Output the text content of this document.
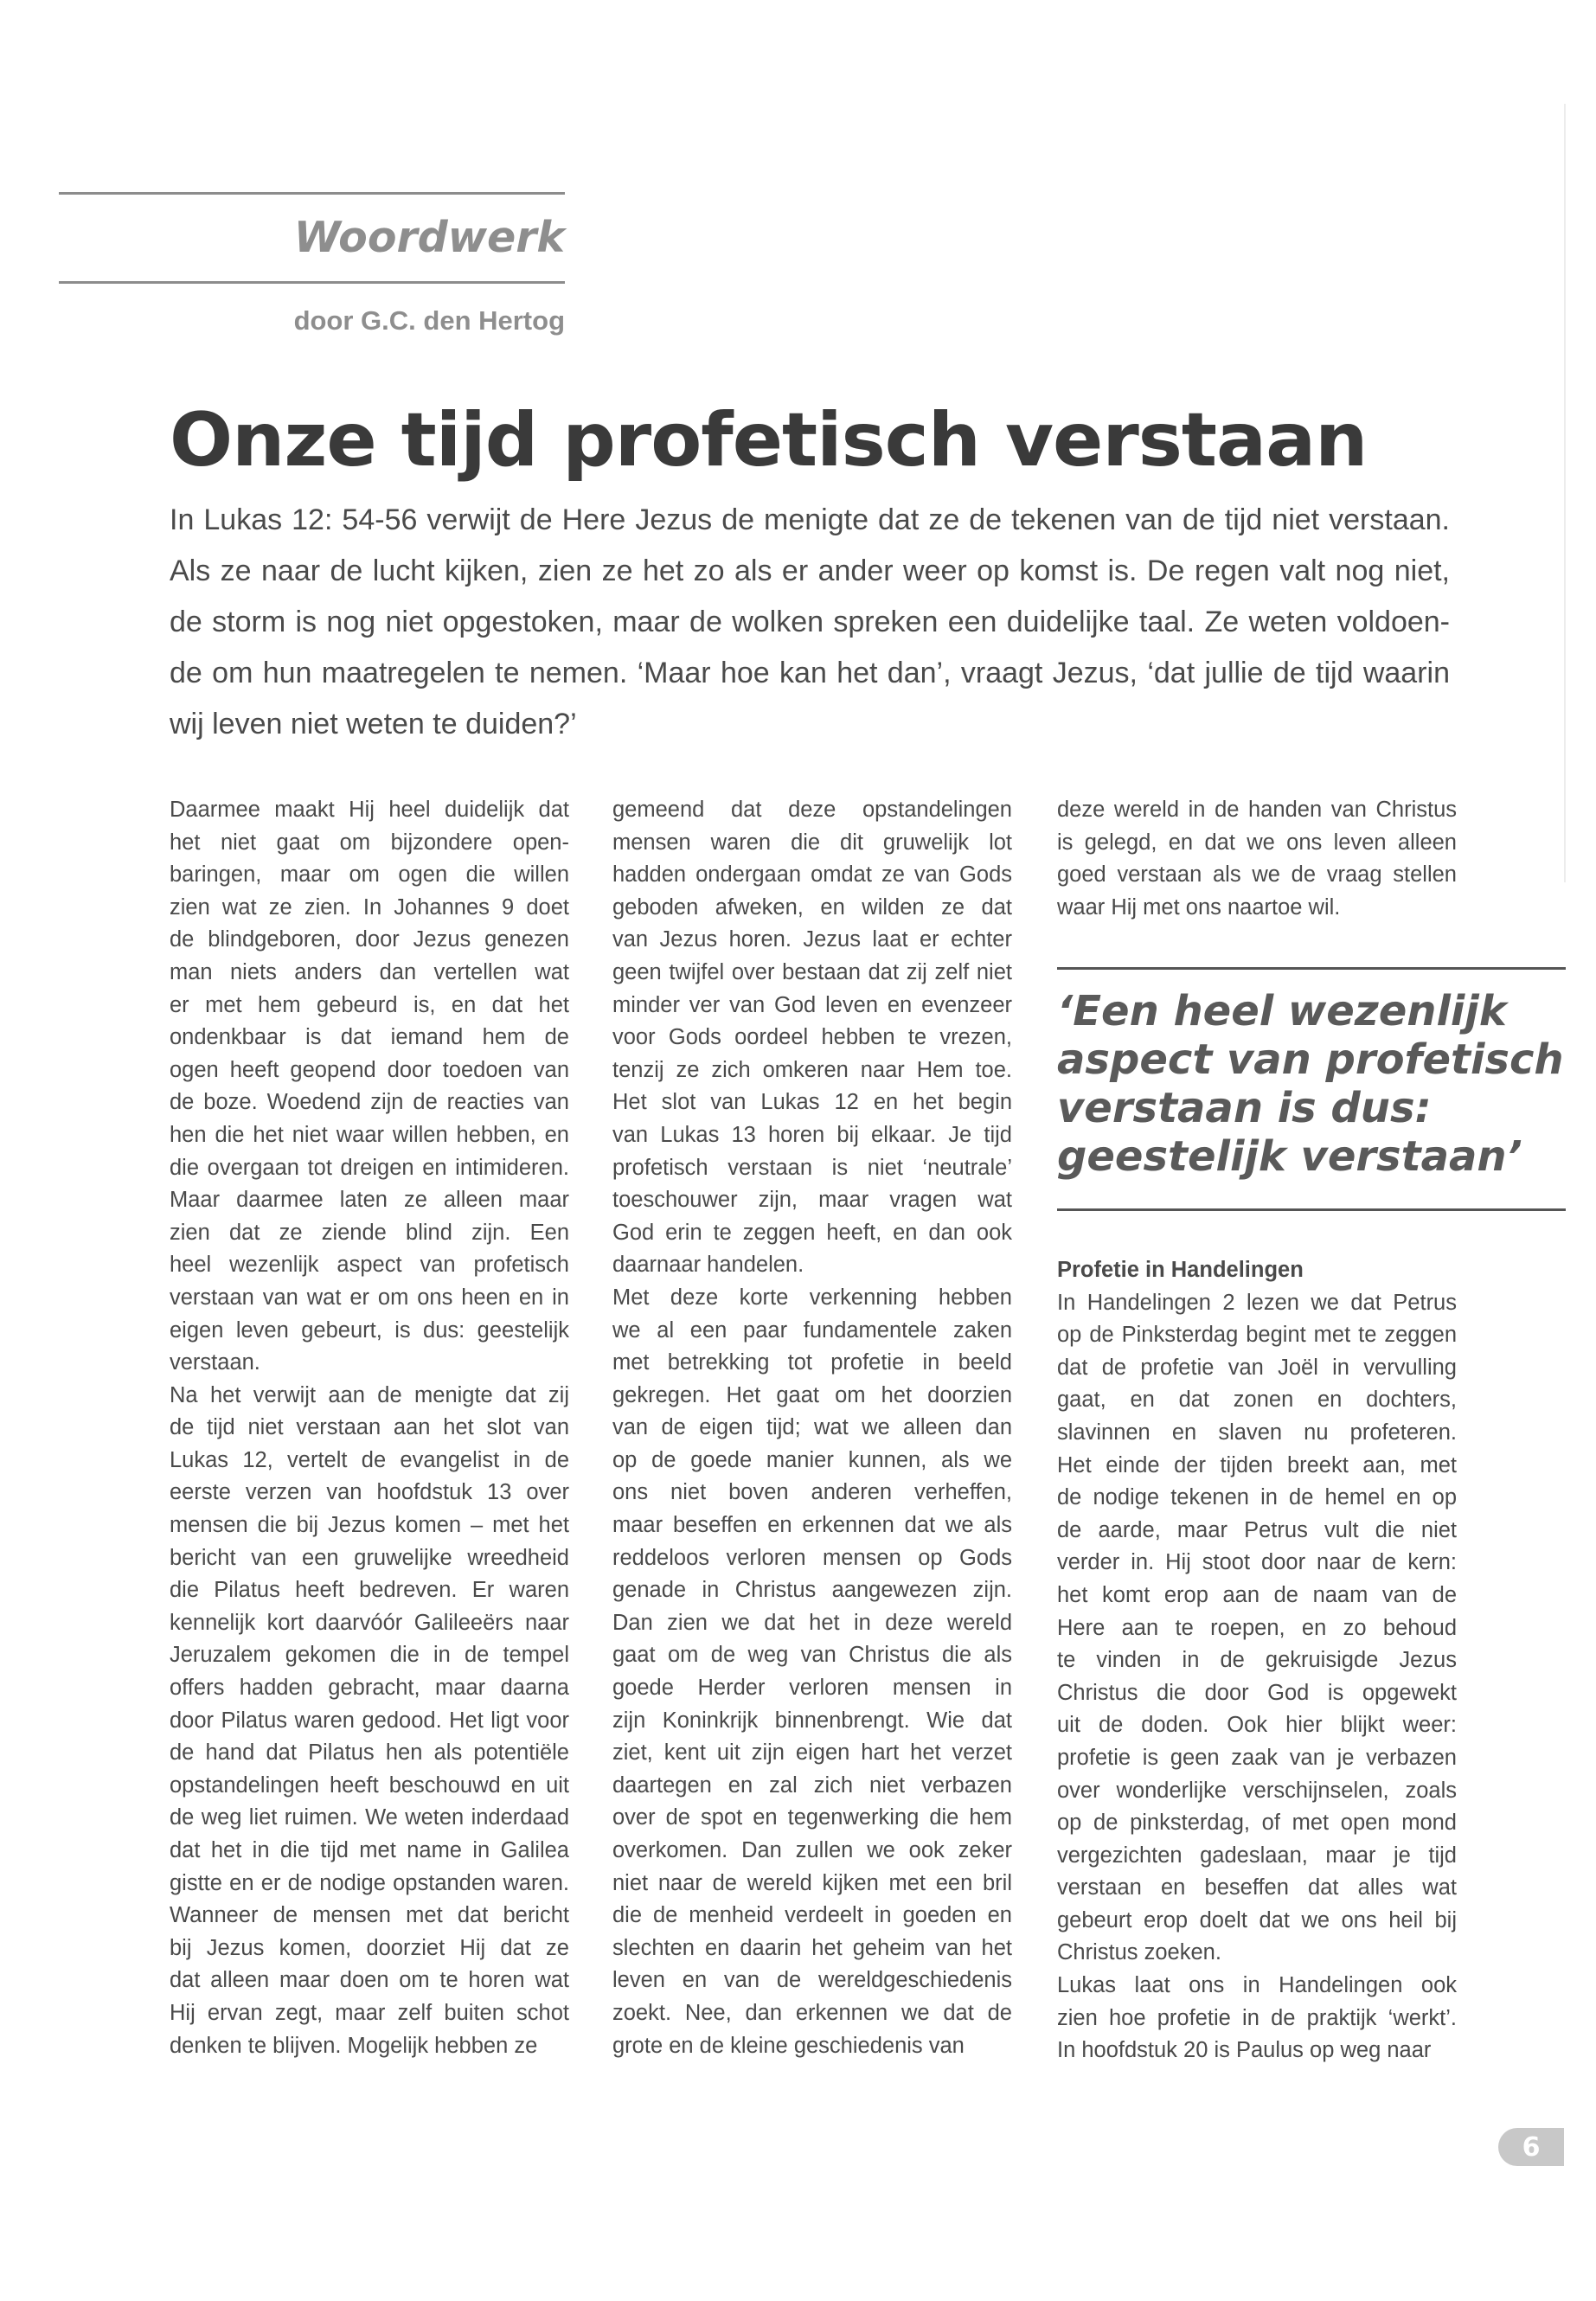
Woordwerk
door G.C. den Hertog
Onze tijd profetisch verstaan
In Lukas 12: 54-56 verwijt de Here Jezus de menigte dat ze de tekenen van de tijd niet verstaan.
Als ze naar de lucht kijken, zien ze het zo als er ander weer op komst is. De regen valt nog niet,
de storm is nog niet opgestoken, maar de wolken spreken een duidelijke taal. Ze weten voldoen-
de om hun maatregelen te nemen. ‘Maar hoe kan het dan’, vraagt Jezus, ‘dat jullie de tijd waarin
wij leven niet weten te duiden?’
Daarmee maakt Hij heel duidelijk dat
het niet gaat om bijzondere open-
baringen, maar om ogen die willen
zien wat ze zien. In Johannes 9 doet
de blindgeboren, door Jezus genezen
man niets anders dan vertellen wat
er met hem gebeurd is, en dat het
ondenkbaar is dat iemand hem de
ogen heeft geopend door toedoen van
de boze. Woedend zijn de reacties van
hen die het niet waar willen hebben, en
die overgaan tot dreigen en intimideren.
Maar daarmee laten ze alleen maar
zien dat ze ziende blind zijn. Een
heel wezenlijk aspect van profetisch
verstaan van wat er om ons heen en in
eigen leven gebeurt, is dus: geestelijk
verstaan.
Na het verwijt aan de menigte dat zij
de tijd niet verstaan aan het slot van
Lukas 12, vertelt de evangelist in de
eerste verzen van hoofdstuk 13 over
mensen die bij Jezus komen – met het
bericht van een gruwelijke wreedheid
die Pilatus heeft bedreven. Er waren
kennelijk kort daarvóór Galileeërs naar
Jeruzalem gekomen die in de tempel
offers hadden gebracht, maar daarna
door Pilatus waren gedood. Het ligt voor
de hand dat Pilatus hen als potentiële
opstandelingen heeft beschouwd en uit
de weg liet ruimen. We weten inderdaad
dat het in die tijd met name in Galilea
gistte en er de nodige opstanden waren.
Wanneer de mensen met dat bericht
bij Jezus komen, doorziet Hij dat ze
dat alleen maar doen om te horen wat
Hij ervan zegt, maar zelf buiten schot
denken te blijven. Mogelijk hebben ze
gemeend dat deze opstandelingen
mensen waren die dit gruwelijk lot
hadden ondergaan omdat ze van Gods
geboden afweken, en wilden ze dat
van Jezus horen. Jezus laat er echter
geen twijfel over bestaan dat zij zelf niet
minder ver van God leven en evenzeer
voor Gods oordeel hebben te vrezen,
tenzij ze zich omkeren naar Hem toe.
Het slot van Lukas 12 en het begin
van Lukas 13 horen bij elkaar. Je tijd
profetisch verstaan is niet ‘neutrale’
toeschouwer zijn, maar vragen wat
God erin te zeggen heeft, en dan ook
daarnaar handelen.
Met deze korte verkenning hebben
we al een paar fundamentele zaken
met betrekking tot profetie in beeld
gekregen. Het gaat om het doorzien
van de eigen tijd; wat we alleen dan
op de goede manier kunnen, als we
ons niet boven anderen verheffen,
maar beseffen en erkennen dat we als
reddeloos verloren mensen op Gods
genade in Christus aangewezen zijn.
Dan zien we dat het in deze wereld
gaat om de weg van Christus die als
goede Herder verloren mensen in
zijn Koninkrijk binnenbrengt. Wie dat
ziet, kent uit zijn eigen hart het verzet
daartegen en zal zich niet verbazen
over de spot en tegenwerking die hem
overkomen. Dan zullen we ook zeker
niet naar de wereld kijken met een bril
die de menheid verdeelt in goeden en
slechten en daarin het geheim van het
leven en van de wereldgeschiedenis
zoekt. Nee, dan erkennen we dat de
grote en de kleine geschiedenis van
deze wereld in de handen van Christus
is gelegd, en dat we ons leven alleen
goed verstaan als we de vraag stellen
waar Hij met ons naartoe wil.
‘Een heel wezenlijk
aspect van profetisch
verstaan is dus:
geestelijk verstaan’
Profetie in Handelingen
In Handelingen 2 lezen we dat Petrus
op de Pinksterdag begint met te zeggen
dat de profetie van Joël in vervulling
gaat, en dat zonen en dochters,
slavinnen en slaven nu profeteren.
Het einde der tijden breekt aan, met
de nodige tekenen in de hemel en op
de aarde, maar Petrus vult die niet
verder in. Hij stoot door naar de kern:
het komt erop aan de naam van de
Here aan te roepen, en zo behoud
te vinden in de gekruisigde Jezus
Christus die door God is opgewekt
uit de doden. Ook hier blijkt weer:
profetie is geen zaak van je verbazen
over wonderlijke verschijnselen, zoals
op de pinksterdag, of met open mond
vergezichten gadeslaan, maar je tijd
verstaan en beseffen dat alles wat
gebeurt erop doelt dat we ons heil bij
Christus zoeken.
Lukas laat ons in Handelingen ook
zien hoe profetie in de praktijk ‘werkt’.
In hoofdstuk 20 is Paulus op weg naar
6
